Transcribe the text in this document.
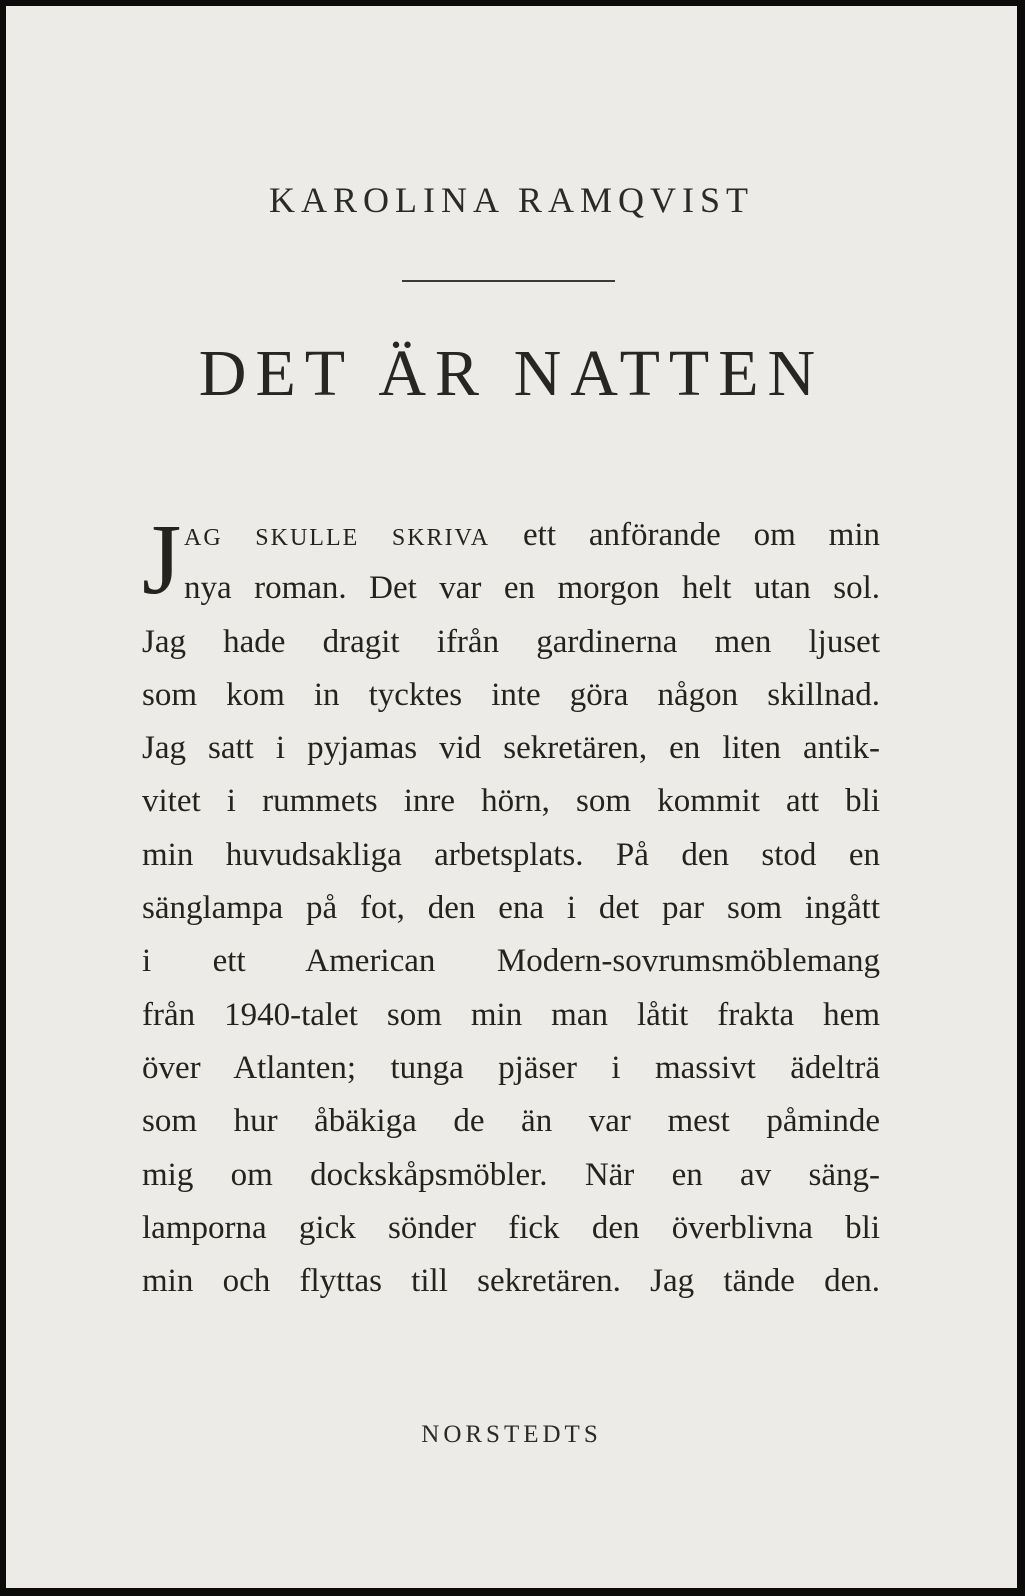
KAROLINA RAMQVIST
DET ÄR NATTEN
J AG SKULLE SKRIVA ett anförande om min
nya roman. Det var en morgon helt utan sol.
Jag hade dragit ifrån gardinerna men ljuset
som kom in tycktes inte göra någon skillnad.
Jag satt i pyjamas vid sekretären, en liten antik-
vitet i rummets inre hörn, som kommit att bli
min huvudsakliga arbetsplats. På den stod en
sänglampa på fot, den ena i det par som ingått
i ett American Modern-sovrumsmöblemang
från 1940-talet som min man låtit frakta hem
över Atlanten; tunga pjäser i massivt ädelträ
som hur åbäkiga de än var mest påminde
mig om dockskåpsmöbler. När en av säng-
lamporna gick sönder fick den överblivna bli
min och flyttas till sekretären. Jag tände den.
NORSTEDTS
